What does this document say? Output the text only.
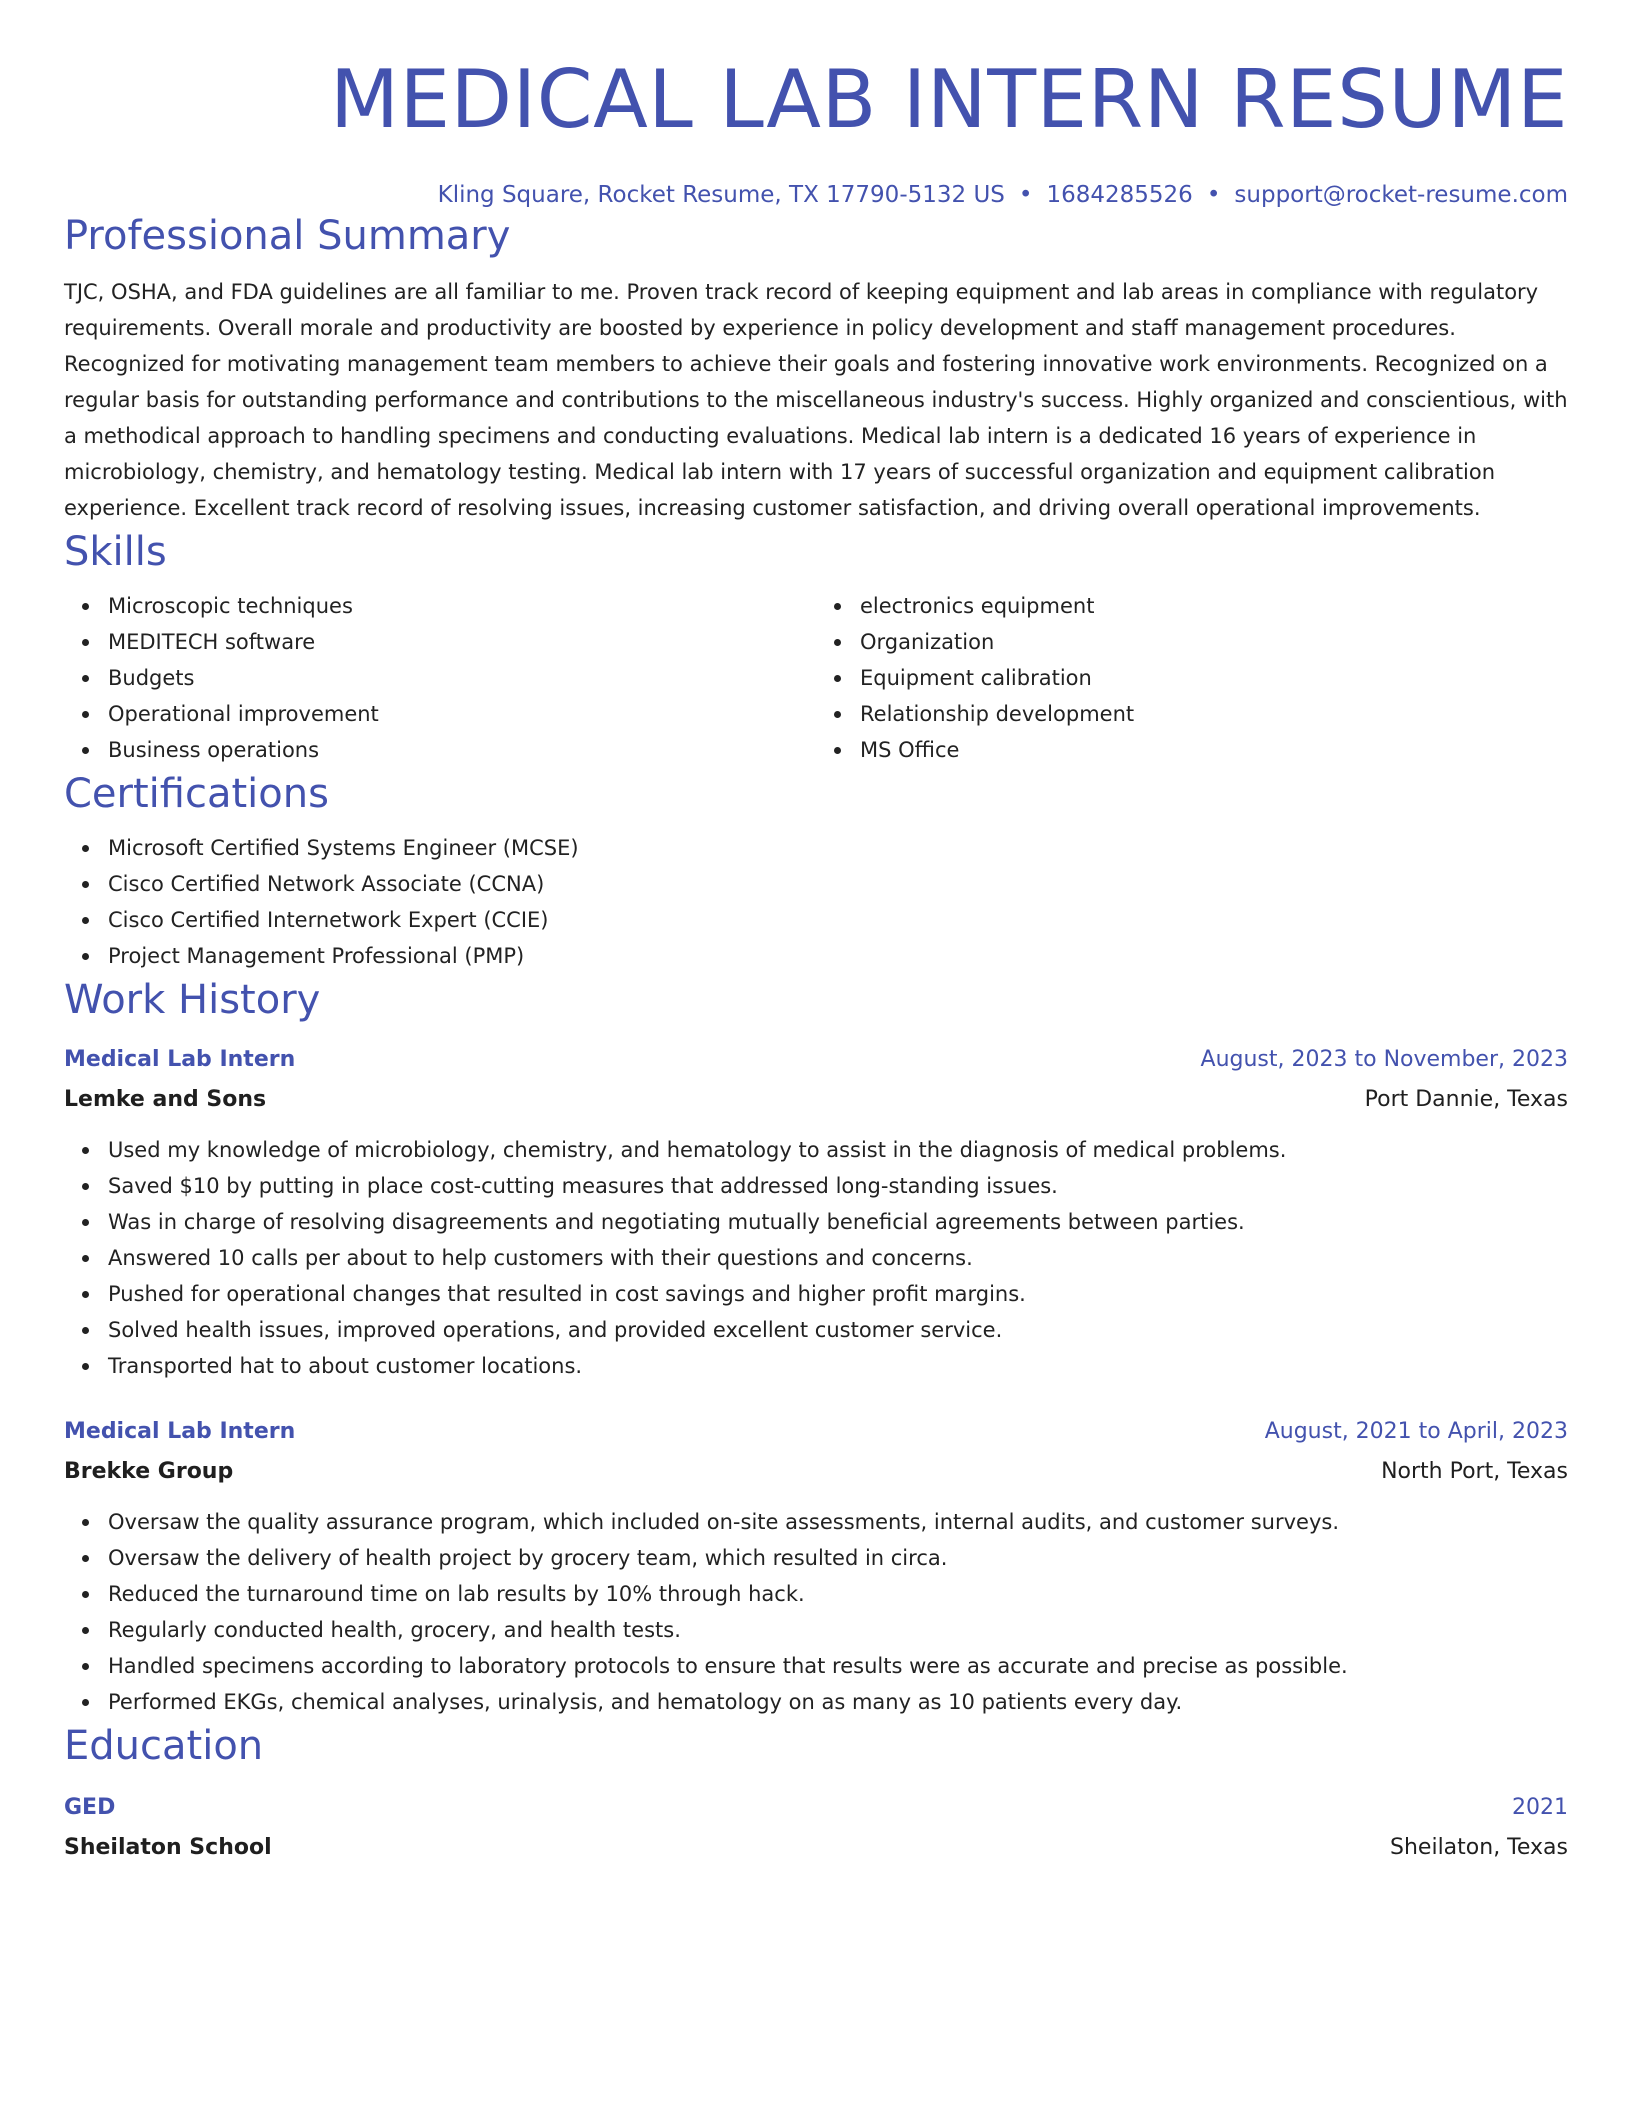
MEDICAL LAB INTERN RESUME
Kling Square, Rocket Resume, TX 17790-5132 US • 1684285526 • support@rocket-resume.com
Professional Summary
TJC, OSHA, and FDA guidelines are all familiar to me. Proven track record of keeping equipment and lab areas in compliance with regulatory requirements. Overall morale and productivity are boosted by experience in policy development and staff management procedures. Recognized for motivating management team members to achieve their goals and fostering innovative work environments. Recognized on a regular basis for outstanding performance and contributions to the miscellaneous industry's success. Highly organized and conscientious, with a methodical approach to handling specimens and conducting evaluations. Medical lab intern is a dedicated 16 years of experience in microbiology, chemistry, and hematology testing. Medical lab intern with 17 years of successful organization and equipment calibration experience. Excellent track record of resolving issues, increasing customer satisfaction, and driving overall operational improvements.
Skills
Microscopic techniques
MEDITECH software
Budgets
Operational improvement
Business operations
electronics equipment
Organization
Equipment calibration
Relationship development
MS Office
Certifications
Microsoft Certified Systems Engineer (MCSE)
Cisco Certified Network Associate (CCNA)
Cisco Certified Internetwork Expert (CCIE)
Project Management Professional (PMP)
Work History
Medical Lab Intern	August, 2023 to November, 2023
Lemke and Sons	Port Dannie, Texas
Used my knowledge of microbiology, chemistry, and hematology to assist in the diagnosis of medical problems.
Saved $10 by putting in place cost-cutting measures that addressed long-standing issues.
Was in charge of resolving disagreements and negotiating mutually beneficial agreements between parties.
Answered 10 calls per about to help customers with their questions and concerns.
Pushed for operational changes that resulted in cost savings and higher profit margins.
Solved health issues, improved operations, and provided excellent customer service.
Transported hat to about customer locations.
Medical Lab Intern	August, 2021 to April, 2023
Brekke Group	North Port, Texas
Oversaw the quality assurance program, which included on-site assessments, internal audits, and customer surveys.
Oversaw the delivery of health project by grocery team, which resulted in circa.
Reduced the turnaround time on lab results by 10% through hack.
Regularly conducted health, grocery, and health tests.
Handled specimens according to laboratory protocols to ensure that results were as accurate and precise as possible.
Performed EKGs, chemical analyses, urinalysis, and hematology on as many as 10 patients every day.
Education
GED	2021
Sheilaton School	Sheilaton, Texas
